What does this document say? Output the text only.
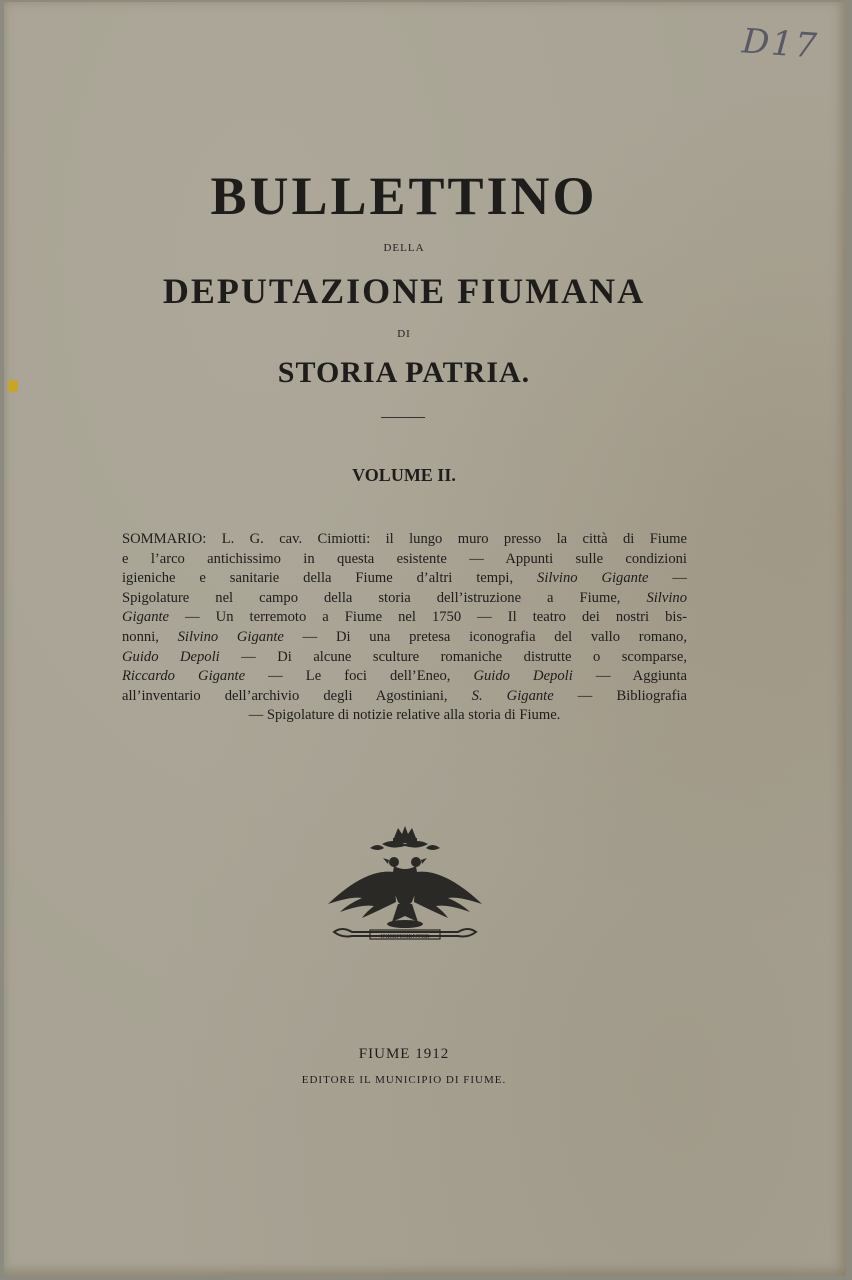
D17
BULLETTINO
DELLA
DEPUTAZIONE FIUMANA
DI
STORIA PATRIA.
VOLUME II.

SOMMARIO: L. G. cav. Cimiotti: il lungo muro presso la città di Fiume

e l’arco antichissimo in questa esistente — Appunti sulle condizioni

igieniche e sanitarie della Fiume d’altri tempi, Silvino Gigante —

Spigolature nel campo della storia dell’istruzione a Fiume, Silvino

Gigante — Un terremoto a Fiume nel 1750 — Il teatro dei nostri bis-

nonni, Silvino Gigante — Di una pretesa iconografia del vallo romano,

Guido Depoli — Di alcune sculture romaniche distrutte o scomparse,

Riccardo Gigante — Le foci dell’Eneo, Guido Depoli — Aggiunta

all’inventario dell’archivio degli Agostiniani, S. Gigante — Bibliografia

— Spigolature di notizie relative alla storia di Fiume.

INDEFICIENTER
FIUME 1912
EDITORE IL MUNICIPIO DI FIUME.
